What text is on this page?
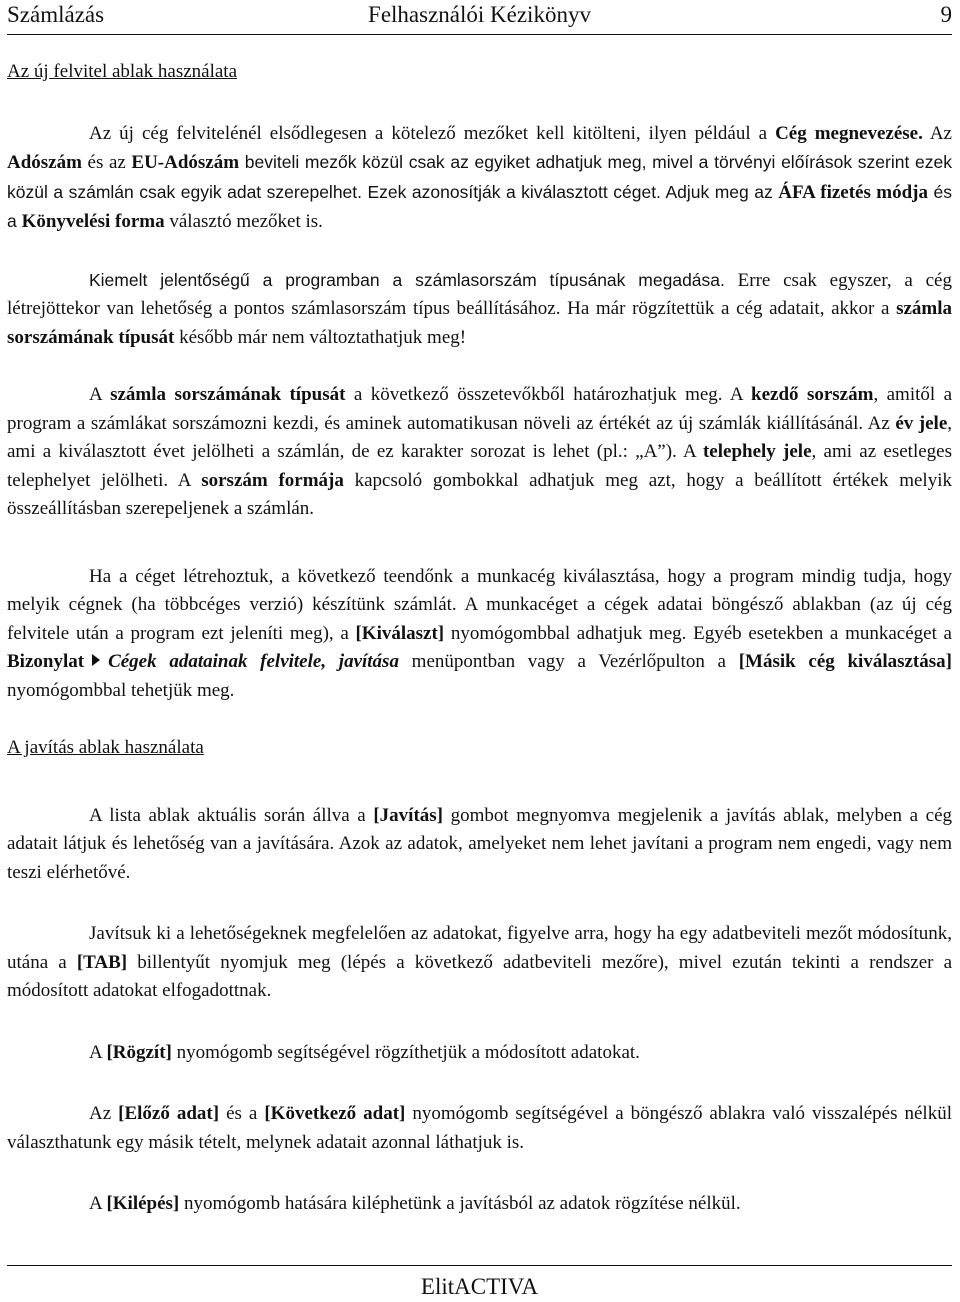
Számlázás	Felhasználói Kézikönyv	9
Az új felvitel ablak használata

Az új cég felvitelénél elsődlegesen a kötelező mezőket kell kitölteni, ilyen például a Cég megnevezése. Az Adószám és az EU-Adószám beviteli mezők közül csak az egyiket adhatjuk meg, mivel a törvényi előírások szerint ezek közül a számlán csak egyik adat szerepelhet. Ezek azonosítják a kiválasztott céget. Adjuk meg az ÁFA fizetés módja és a Könyvelési forma választó mezőket is.

Kiemelt jelentőségű a programban a számlasorszám típusának megadása. Erre csak egyszer, a cég létrejöttekor van lehetőség a pontos számlasorszám típus beállításához. Ha már rögzítettük a cég adatait, akkor a számla sorszámának típusát később már nem változtathatjuk meg!

A számla sorszámának típusát a következő összetevőkből határozhatjuk meg. A kezdő sorszám, amitől a program a számlákat sorszámozni kezdi, és aminek automatikusan növeli az értékét az új számlák kiállításánál. Az év jele, ami a kiválasztott évet jelölheti a számlán, de ez karakter sorozat is lehet (pl.: „A”). A telephely jele, ami az esetleges telephelyet jelölheti. A sorszám formája kapcsoló gombokkal adhatjuk meg azt, hogy a beállított értékek melyik összeállításban szerepeljenek a számlán.

Ha a céget létrehoztuk, a következő teendőnk a munkacég kiválasztása, hogy a program mindig tudja, hogy melyik cégnek (ha többcéges verzió) készítünk számlát. A munkacéget a cégek adatai böngésző ablakban (az új cég felvitele után a program ezt jeleníti meg), a [Kiválaszt] nyomógombbal adhatjuk meg. Egyéb esetekben a munkacéget a Bizonylat Cégek adatainak felvitele, javítása menüpontban vagy a Vezérlőpulton a [Másik cég kiválasztása] nyomógombbal tehetjük meg.

A javítás ablak használata

A lista ablak aktuális során állva a [Javítás] gombot megnyomva megjelenik a javítás ablak, melyben a cég adatait látjuk és lehetőség van a javítására. Azok az adatok, amelyeket nem lehet javítani a program nem engedi, vagy nem teszi elérhetővé.

Javítsuk ki a lehetőségeknek megfelelően az adatokat, figyelve arra, hogy ha egy adatbeviteli mezőt módosítunk, utána a [TAB] billentyűt nyomjuk meg (lépés a következő adatbeviteli mezőre), mivel ezután tekinti a rendszer a módosított adatokat elfogadottnak.

A [Rögzít] nyomógomb segítségével rögzíthetjük a módosított adatokat.

Az [Előző adat] és a [Következő adat] nyomógomb segítségével a böngésző ablakra való visszalépés nélkül választhatunk egy másik tételt, melynek adatait azonnal láthatjuk is.

A [Kilépés] nyomógomb hatására kiléphetünk a javításból az adatok rögzítése nélkül.

ElitACTIVA
